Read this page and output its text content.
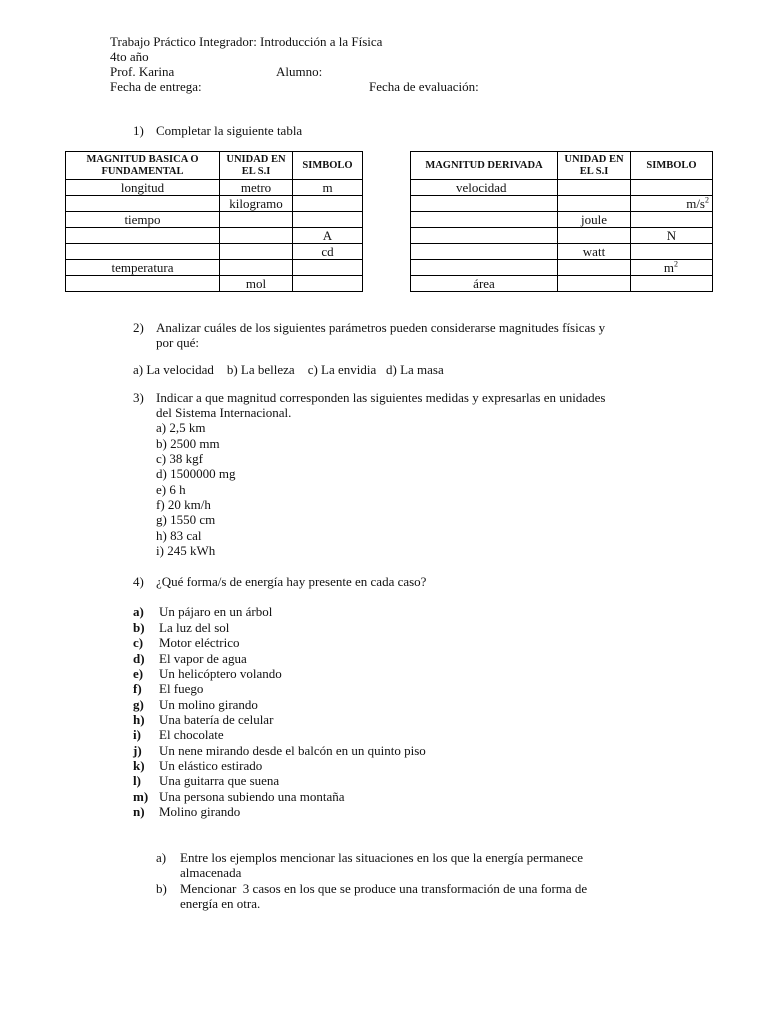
Trabajo Práctico Integrador: Introducción a la Física
4to año
Prof. Karina	Alumno:
Fecha de entrega:	Fecha de evaluación:
1) Completar la siguiente tabla
MAGNITUD BASICA O FUNDAMENTAL	UNIDAD EN EL S.I	SIMBOLO
longitud	metro	m
	kilogramo	
tiempo		
		A
		cd
temperatura		
	mol	
MAGNITUD DERIVADA	UNIDAD EN EL S.I	SIMBOLO
velocidad		
		$m/s^2$
	joule	
		N
	watt	
		$m^2$
área		
2) Analizar cuáles de los siguientes parámetros pueden considerarse magnitudes físicas y
por qué:
a) La velocidad    b) La belleza    c) La envidia   d) La masa
3) Indicar a que magnitud corresponden las siguientes medidas y expresarlas en unidades
del Sistema Internacional.
a) 2,5 km
b) 2500 mm
c) 38 kgf
d) 1500000 mg
e) 6 h
f) 20 km/h
g) 1550 cm
h) 83 cal
i) 245 kWh
4) ¿Qué forma/s de energía hay presente en cada caso?
a) Un pájaro en un árbol
b) La luz del sol
c) Motor eléctrico
d) El vapor de agua
e) Un helicóptero volando
f) El fuego
g) Un molino girando
h) Una batería de celular
i) El chocolate
j) Un nene mirando desde el balcón en un quinto piso
k) Un elástico estirado
l) Una guitarra que suena
m) Una persona subiendo una montaña
n) Molino girando
a) Entre los ejemplos mencionar las situaciones en los que la energía permanece
almacenada
b) Mencionar  3 casos en los que se produce una transformación de una forma de
energía en otra.
